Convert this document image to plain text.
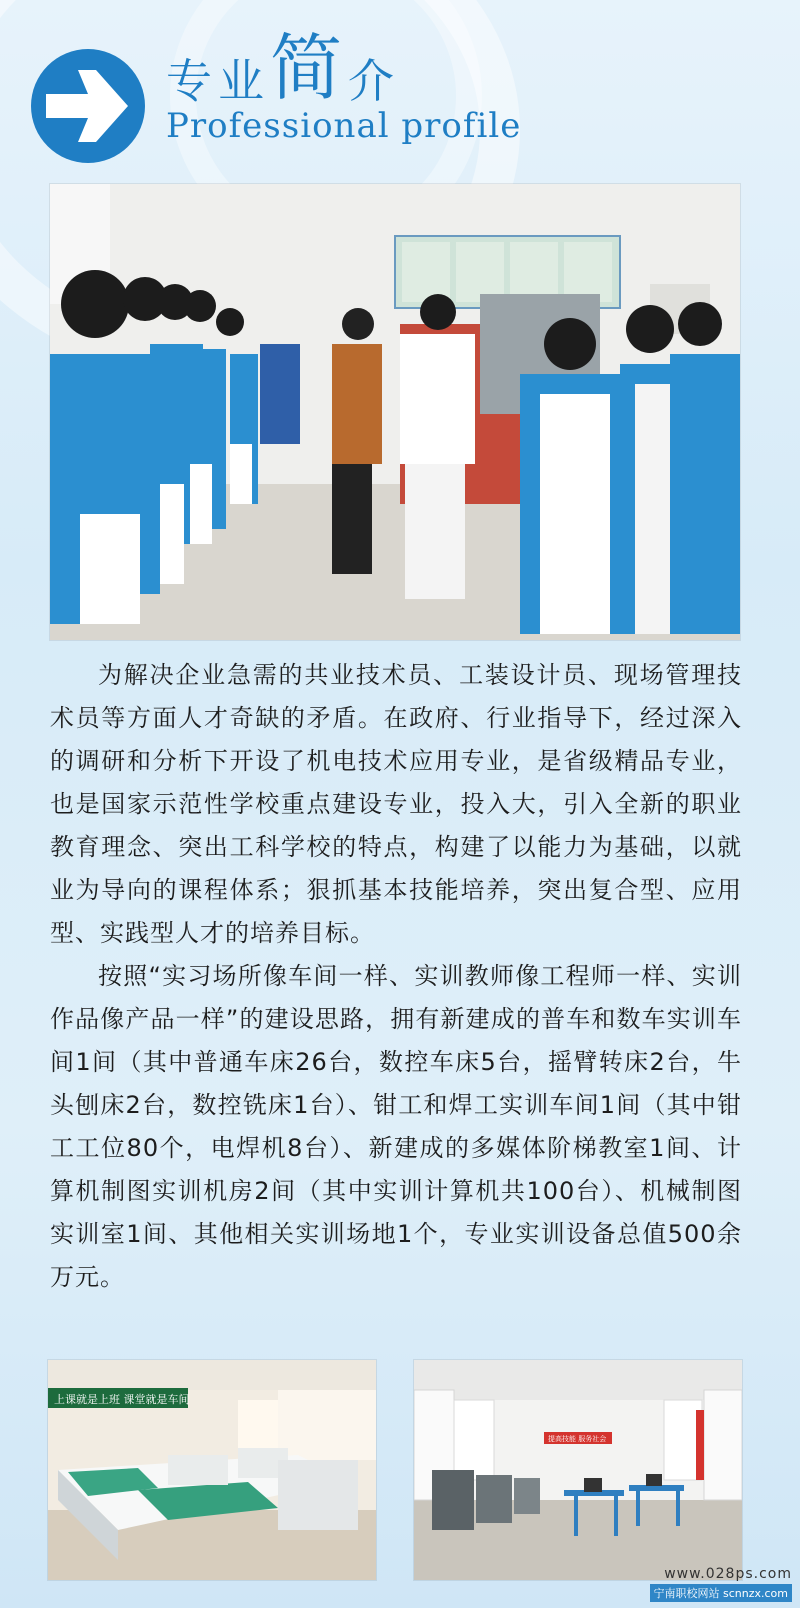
专业 简 介
Professional profile

为解决企业急需的共业技术员、工装设计员、现场管理技术员等方面人才奇缺的矛盾。在政府、行业指导下，经过深入的调研和分析下开设了机电技术应用专业，是省级精品专业，也是国家示范性学校重点建设专业，投入大，引入全新的职业教育理念、突出工科学校的特点，构建了以能力为基础，以就业为导向的课程体系；狠抓基本技能培养，突出复合型、应用型、实践型人才的培养目标。

按照“实习场所像车间一样、实训教师像工程师一样、实训作品像产品一样”的建设思路，拥有新建成的普车和数车实训车间1间（其中普通车床26台，数控车床5台，摇臂转床2台，牛头刨床2台，数控铣床1台）、钳工和焊工实训车间1间（其中钳工工位80个，电焊机8台）、新建成的多媒体阶梯教室1间、计算机制图实训机房2间（其中实训计算机共100台）、机械制图实训室1间、其他相关实训场地1个，专业实训设备总值500余万元。

上课就是上班 课堂就是车间
提高技能 服务社会
www.028ps.com
宁南职校网站 scnnzx.com
